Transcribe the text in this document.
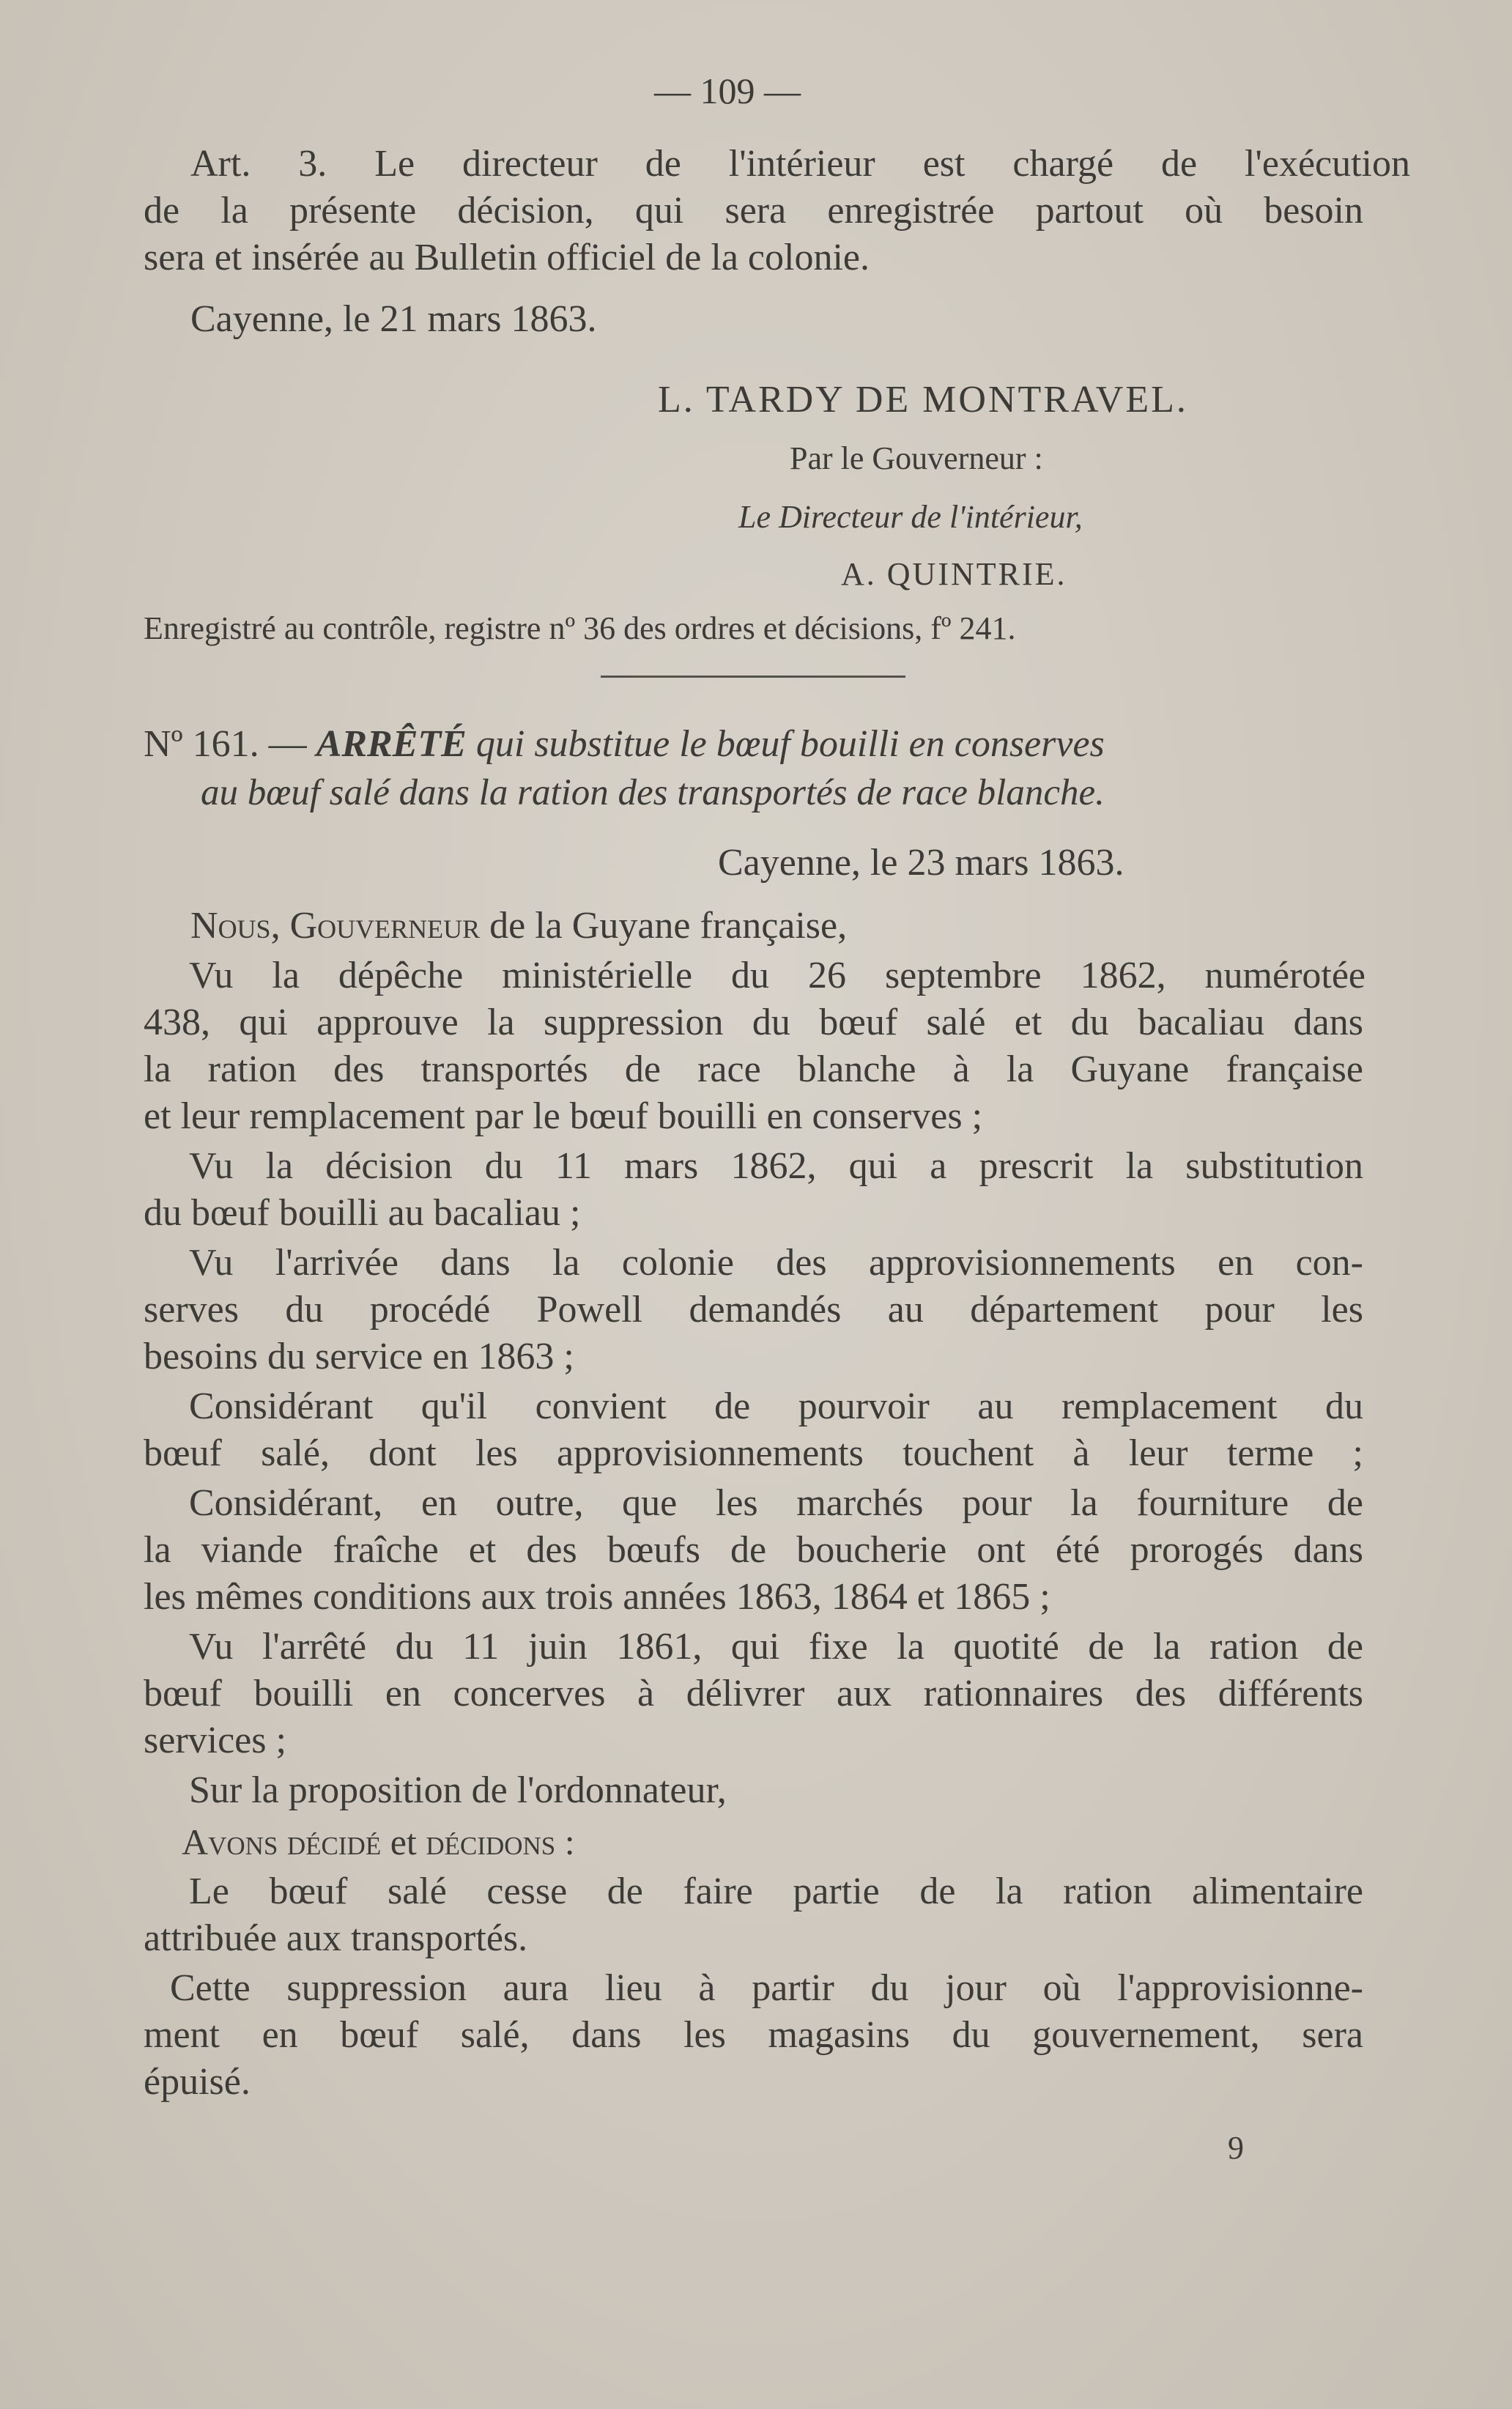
— 109 —
Art. 3. Le directeur de l'intérieur est chargé de l'exécution
de la présente décision, qui sera enregistrée partout où besoin
sera et insérée au Bulletin officiel de la colonie.
Cayenne, le 21 mars 1863.
L. TARDY DE MONTRAVEL.
Par le Gouverneur :
Le Directeur de l'intérieur,
A. QUINTRIE.
Enregistré au contrôle, registre nº 36 des ordres et décisions, fº 241.
Nº 161. — ARRÊTÉ qui substitue le bœuf bouilli en conserves
au bœuf salé dans la ration des transportés de race blanche.
Cayenne, le 23 mars 1863.
Nous, Gouverneur de la Guyane française,
Vu la dépêche ministérielle du 26 septembre 1862, numérotée
438, qui approuve la suppression du bœuf salé et du bacaliau dans
la ration des transportés de race blanche à la Guyane française
et leur remplacement par le bœuf bouilli en conserves ;
Vu la décision du 11 mars 1862, qui a prescrit la substitution
du bœuf bouilli au bacaliau ;
Vu l'arrivée dans la colonie des approvisionnements en con-
serves du procédé Powell demandés au département pour les
besoins du service en 1863 ;
Considérant qu'il convient de pourvoir au remplacement du
bœuf salé, dont les approvisionnements touchent à leur terme ;
Considérant, en outre, que les marchés pour la fourniture de
la viande fraîche et des bœufs de boucherie ont été prorogés dans
les mêmes conditions aux trois années 1863, 1864 et 1865 ;
Vu l'arrêté du 11 juin 1861, qui fixe la quotité de la ration de
bœuf bouilli en concerves à délivrer aux rationnaires des différents
services ;
Sur la proposition de l'ordonnateur,
Avons décidé et décidons :
Le bœuf salé cesse de faire partie de la ration alimentaire
attribuée aux transportés.
Cette suppression aura lieu à partir du jour où l'approvisionne-
ment en bœuf salé, dans les magasins du gouvernement, sera
épuisé.
9
